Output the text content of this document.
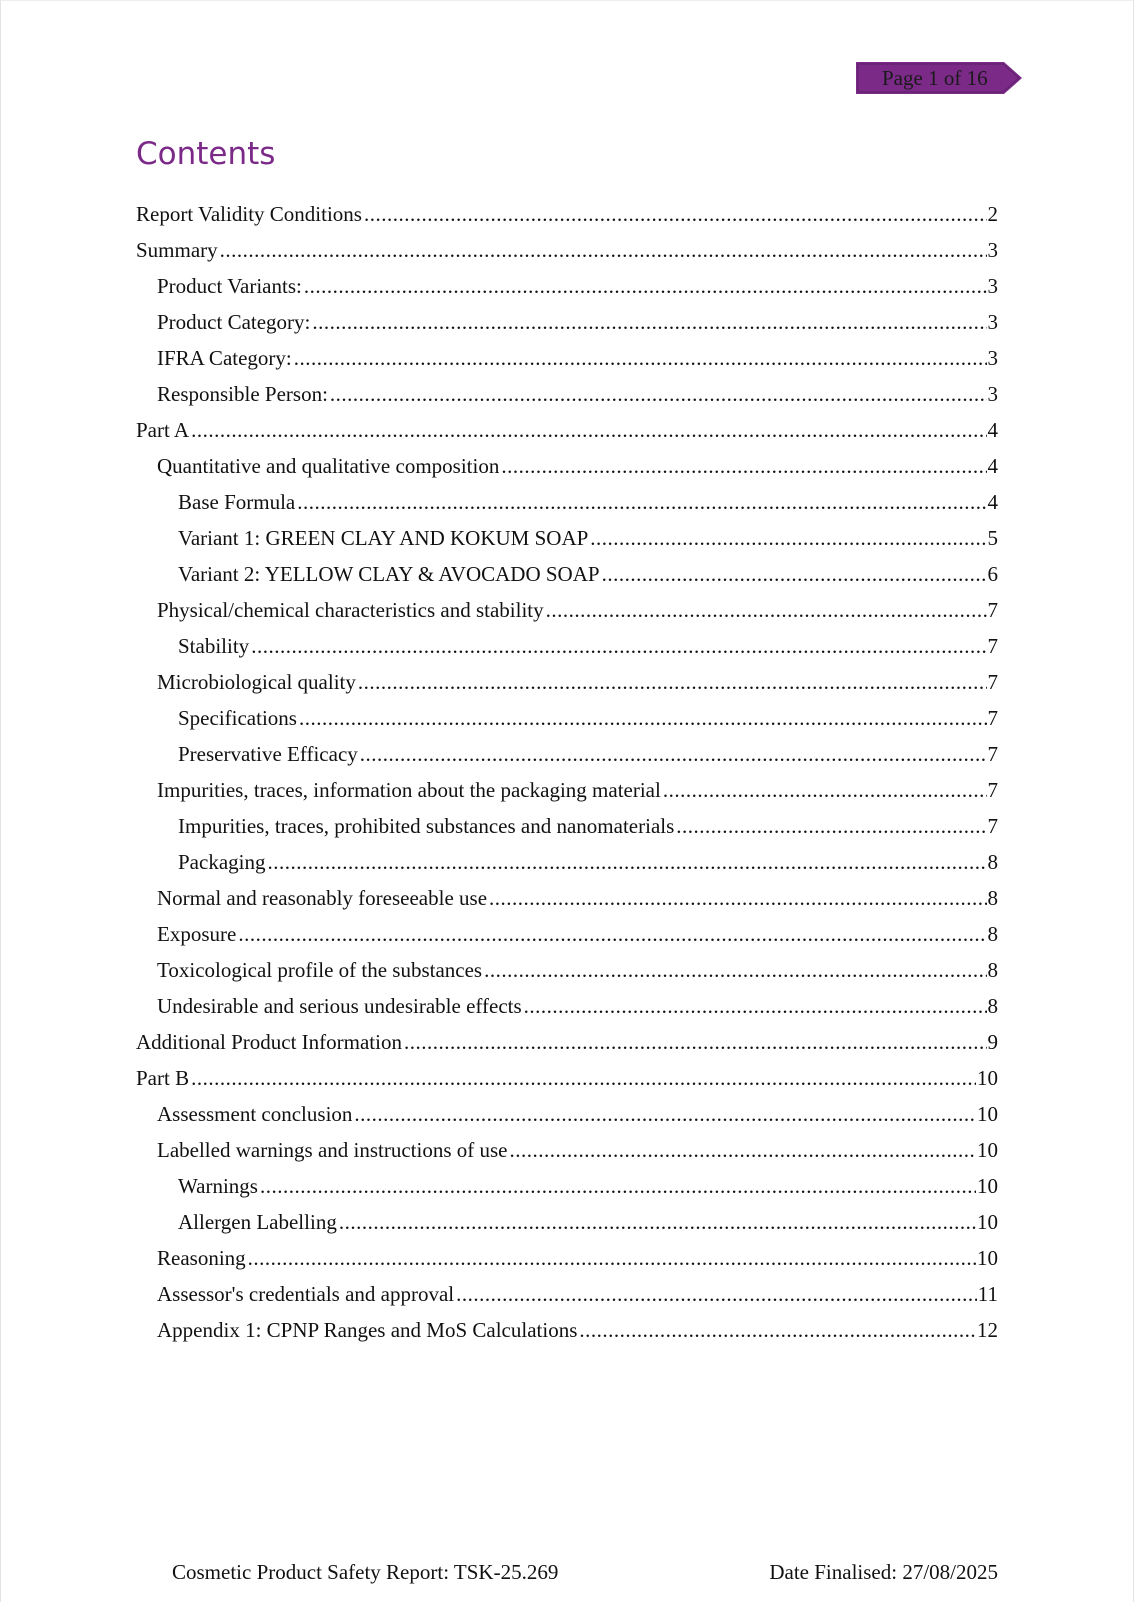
Page 1 of 16
Contents
Report Validity Conditions .....	2
Summary .....	3
Product Variants: .....	3
Product Category: .....	3
IFRA Category: .....	3
Responsible Person: .....	3
Part A .....	4
Quantitative and qualitative composition .....	4
Base Formula .....	4
Variant 1: GREEN CLAY AND KOKUM SOAP .....	5
Variant 2: YELLOW CLAY & AVOCADO SOAP .....	6
Physical/chemical characteristics and stability .....	7
Stability .....	7
Microbiological quality .....	7
Specifications .....	7
Preservative Efficacy .....	7
Impurities, traces, information about the packaging material .....	7
Impurities, traces, prohibited substances and nanomaterials .....	7
Packaging .....	8
Normal and reasonably foreseeable use .....	8
Exposure .....	8
Toxicological profile of the substances .....	8
Undesirable and serious undesirable effects .....	8
Additional Product Information .....	9
Part B .....	10
Assessment conclusion .....	10
Labelled warnings and instructions of use .....	10
Warnings .....	10
Allergen Labelling .....	10
Reasoning .....	10
Assessor's credentials and approval .....	11
Appendix 1: CPNP Ranges and MoS Calculations .....	12
Cosmetic Product Safety Report: TSK-25.269	Date Finalised: 27/08/2025
